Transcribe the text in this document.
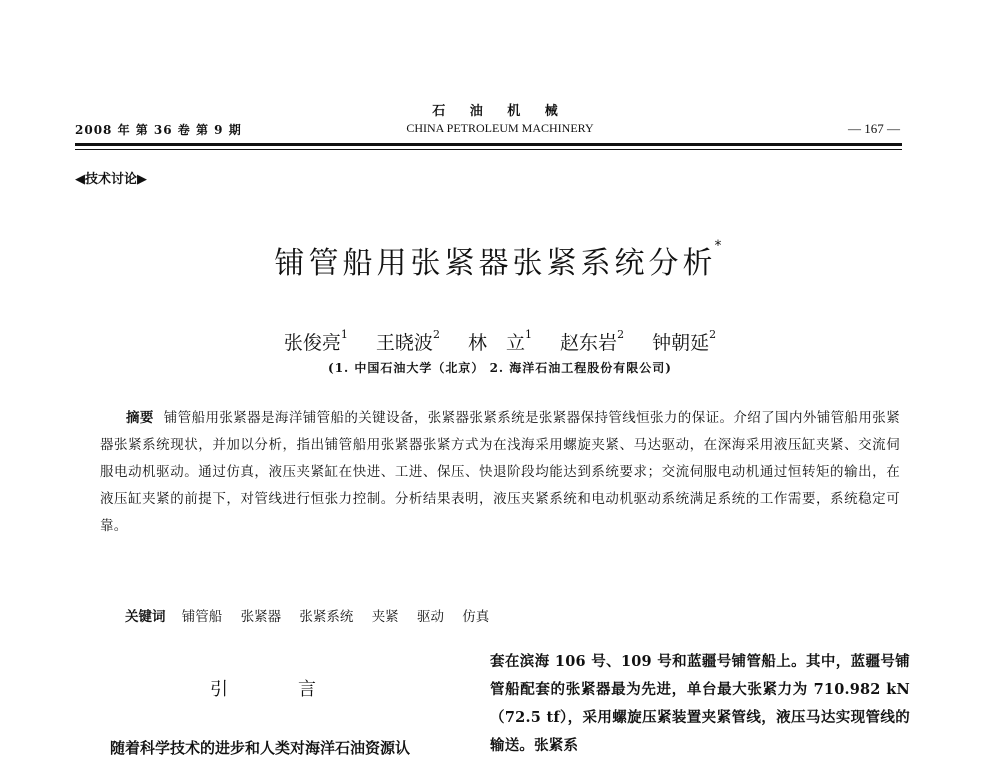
石 油 机 械
2008 年 第 36 卷 第 9 期	CHINA PETROLEUM MACHINERY	— 167 —
◀技术讨论▶
铺管船用张紧器张紧系统分析*
张俊亮$^1$ 王晓波$^2$ 林　立$^1$ 赵东岩$^2$ 钟朝延$^2$
(1. 中国石油大学（北京） 2. 海洋石油工程股份有限公司)
摘要 铺管船用张紧器是海洋铺管船的关键设备，张紧器张紧系统是张紧器保持管线恒张力的保证。介绍了国内外铺管船用张紧器张紧系统现状，并加以分析，指出铺管船用张紧器张紧方式为在浅海采用螺旋夹紧、马达驱动，在深海采用液压缸夹紧、交流伺服电动机驱动。通过仿真，液压夹紧缸在快进、工进、保压、快退阶段均能达到系统要求；交流伺服电动机通过恒转矩的输出，在液压缸夹紧的前提下，对管线进行恒张力控制。分析结果表明，液压夹紧系统和电动机驱动系统满足系统的工作需要，系统稳定可靠。
关键词 铺管船 张紧器 张紧系统 夹紧 驱动 仿真
引言
随着科学技术的进步和人类对海洋石油资源认
套在滨海 106 号、109 号和蓝疆号铺管船上。其中，蓝疆号铺管船配套的张紧器最为先进，单台最大张紧力为 710.982 kN（72.5 tf），采用螺旋压紧装置夹紧管线，液压马达实现管线的输送。张紧系
